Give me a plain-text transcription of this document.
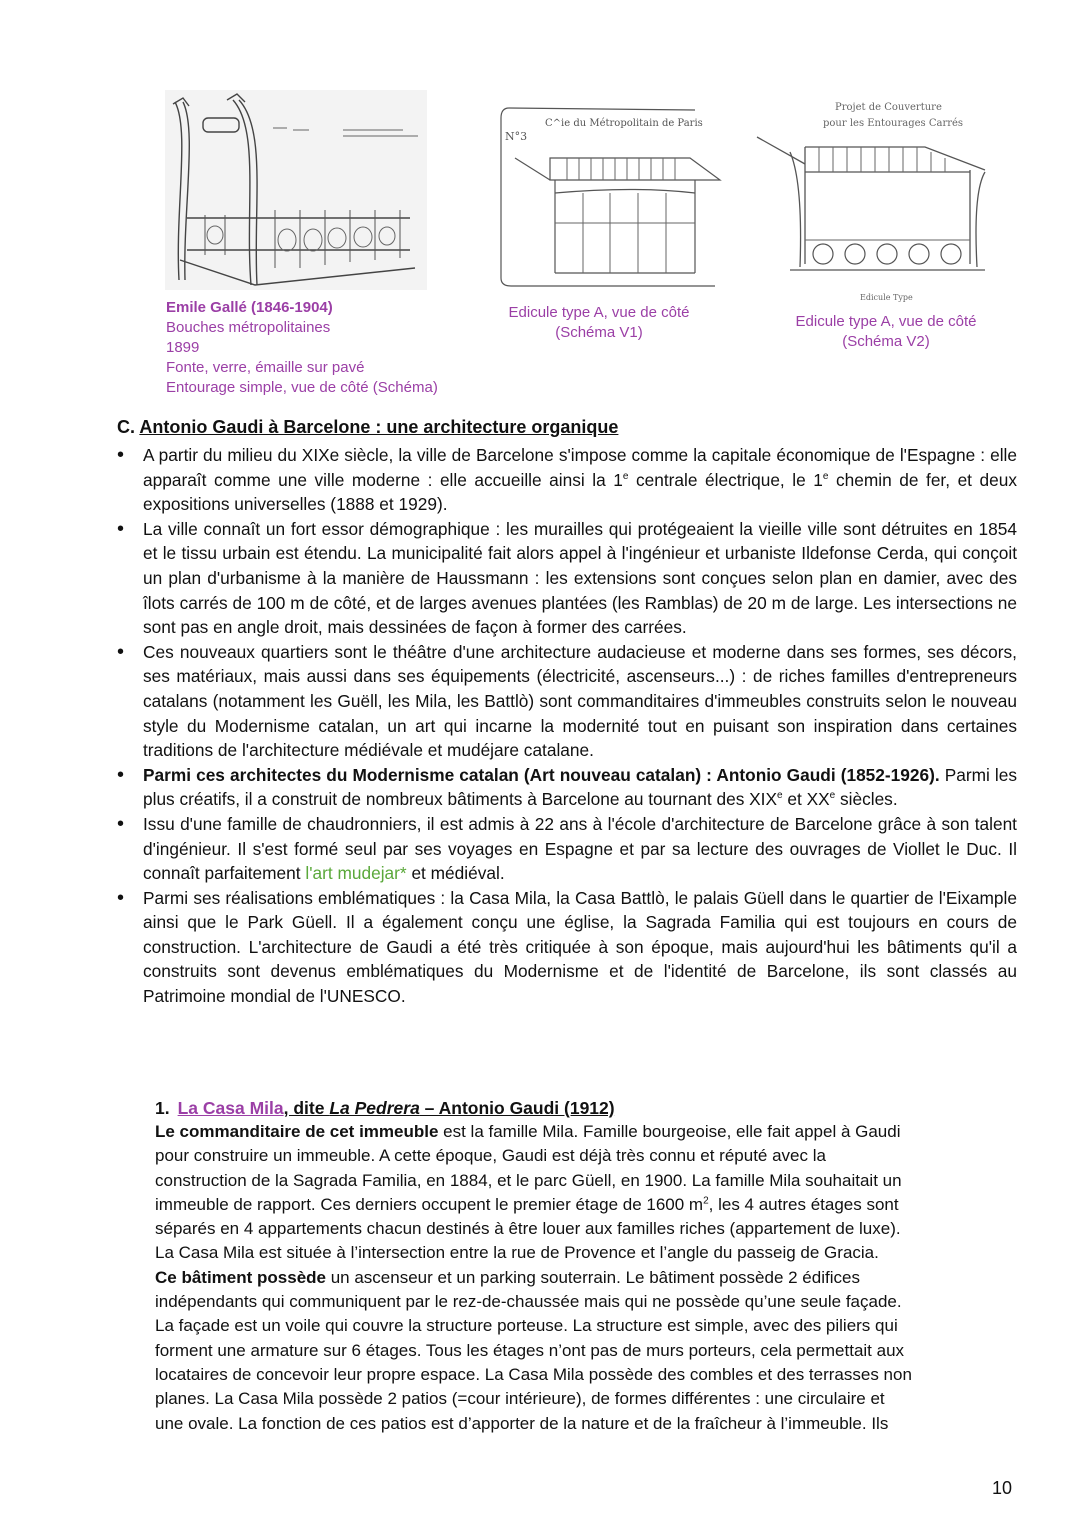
Emile Gallé (1846-1904)
Bouches métropolitaines
1899
Fonte, verre, émaille sur pavé
Entourage simple, vue de côté (Schéma)
C^ie du Métropolitain de Paris
N°3
Edicule type A, vue de côté
(Schéma V1)
Projet de Couverture
pour les Entourages Carrés
Edicule Type
Edicule type A, vue de côté
(Schéma V2)
C. Antonio Gaudi à Barcelone : une architecture organique
• A partir du milieu du XIXe siècle, la ville de Barcelone s'impose comme la capitale économique de l'Espagne : elle apparaît comme une ville moderne : elle accueille ainsi la 1e centrale électrique, le 1e chemin de fer, et deux expositions universelles (1888 et 1929).
• La ville connaît un fort essor démographique : les murailles qui protégeaient la vieille ville sont détruites en 1854 et le tissu urbain est étendu. La municipalité fait alors appel à l'ingénieur et urbaniste Ildefonse Cerda, qui conçoit un plan d'urbanisme à la manière de Haussmann : les extensions sont conçues selon plan en damier, avec des îlots carrés de 100 m de côté, et de larges avenues plantées (les Ramblas) de 20 m de large. Les intersections ne sont pas en angle droit, mais dessinées de façon à former des carrées.
• Ces nouveaux quartiers sont le théâtre d'une architecture audacieuse et moderne dans ses formes, ses décors, ses matériaux, mais aussi dans ses équipements (électricité, ascenseurs...) : de riches familles d'entrepreneurs catalans (notamment les Guëll, les Mila, les Battlò) sont commanditaires d'immeubles construits selon le nouveau style du Modernisme catalan, un art qui incarne la modernité tout en puisant son inspiration dans certaines traditions de l'architecture médiévale et mudéjare catalane.
• Parmi ces architectes du Modernisme catalan (Art nouveau catalan) : Antonio Gaudi (1852-1926). Parmi les plus créatifs, il a construit de nombreux bâtiments à Barcelone au tournant des XIXe et XXe siècles.
• Issu d'une famille de chaudronniers, il est admis à 22 ans à l'école d'architecture de Barcelone grâce à son talent d'ingénieur. Il s'est formé seul par ses voyages en Espagne et par sa lecture des ouvrages de Viollet le Duc. Il connaît parfaitement l'art mudejar* et médiéval.
• Parmi ses réalisations emblématiques : la Casa Mila, la Casa Battlò, le palais Güell dans le quartier de l'Eixample ainsi que le Park Güell. Il a également conçu une église, la Sagrada Familia qui est toujours en cours de construction. L'architecture de Gaudi a été très critiquée à son époque, mais aujourd'hui les bâtiments qu'il a construits sont devenus emblématiques du Modernisme et de l'identité de Barcelone, ils sont classés au Patrimoine mondial de l'UNESCO.
1. La Casa Mila, dite La Pedrera – Antonio Gaudi (1912)

Le commanditaire de cet immeuble est la famille Mila. Famille bourgeoise, elle fait appel à Gaudi

pour construire un immeuble. A cette époque, Gaudi est déjà très connu et réputé avec la

construction de la Sagrada Familia, en 1884, et le parc Güell, en 1900. La famille Mila souhaitait un

immeuble de rapport. Ces derniers occupent le premier étage de 1600 $m^2$, les 4 autres étages sont

séparés en 4 appartements chacun destinés à être louer aux familles riches (appartement de luxe).

La Casa Mila est située à l’intersection entre la rue de Provence et l’angle du passeig de Gracia.

Ce bâtiment possède un ascenseur et un parking souterrain. Le bâtiment possède 2 édifices

indépendants qui communiquent par le rez-de-chaussée mais qui ne possède qu’une seule façade.

La façade est un voile qui couvre la structure porteuse. La structure est simple, avec des piliers qui

forment une armature sur 6 étages. Tous les étages n’ont pas de murs porteurs, cela permettait aux

locataires de concevoir leur propre espace. La Casa Mila possède des combles et des terrasses non

planes. La Casa Mila possède 2 patios (=cour intérieure), de formes différentes : une circulaire et

une ovale. La fonction de ces patios est d’apporter de la nature et de la fraîcheur à l’immeuble. Ils

10
